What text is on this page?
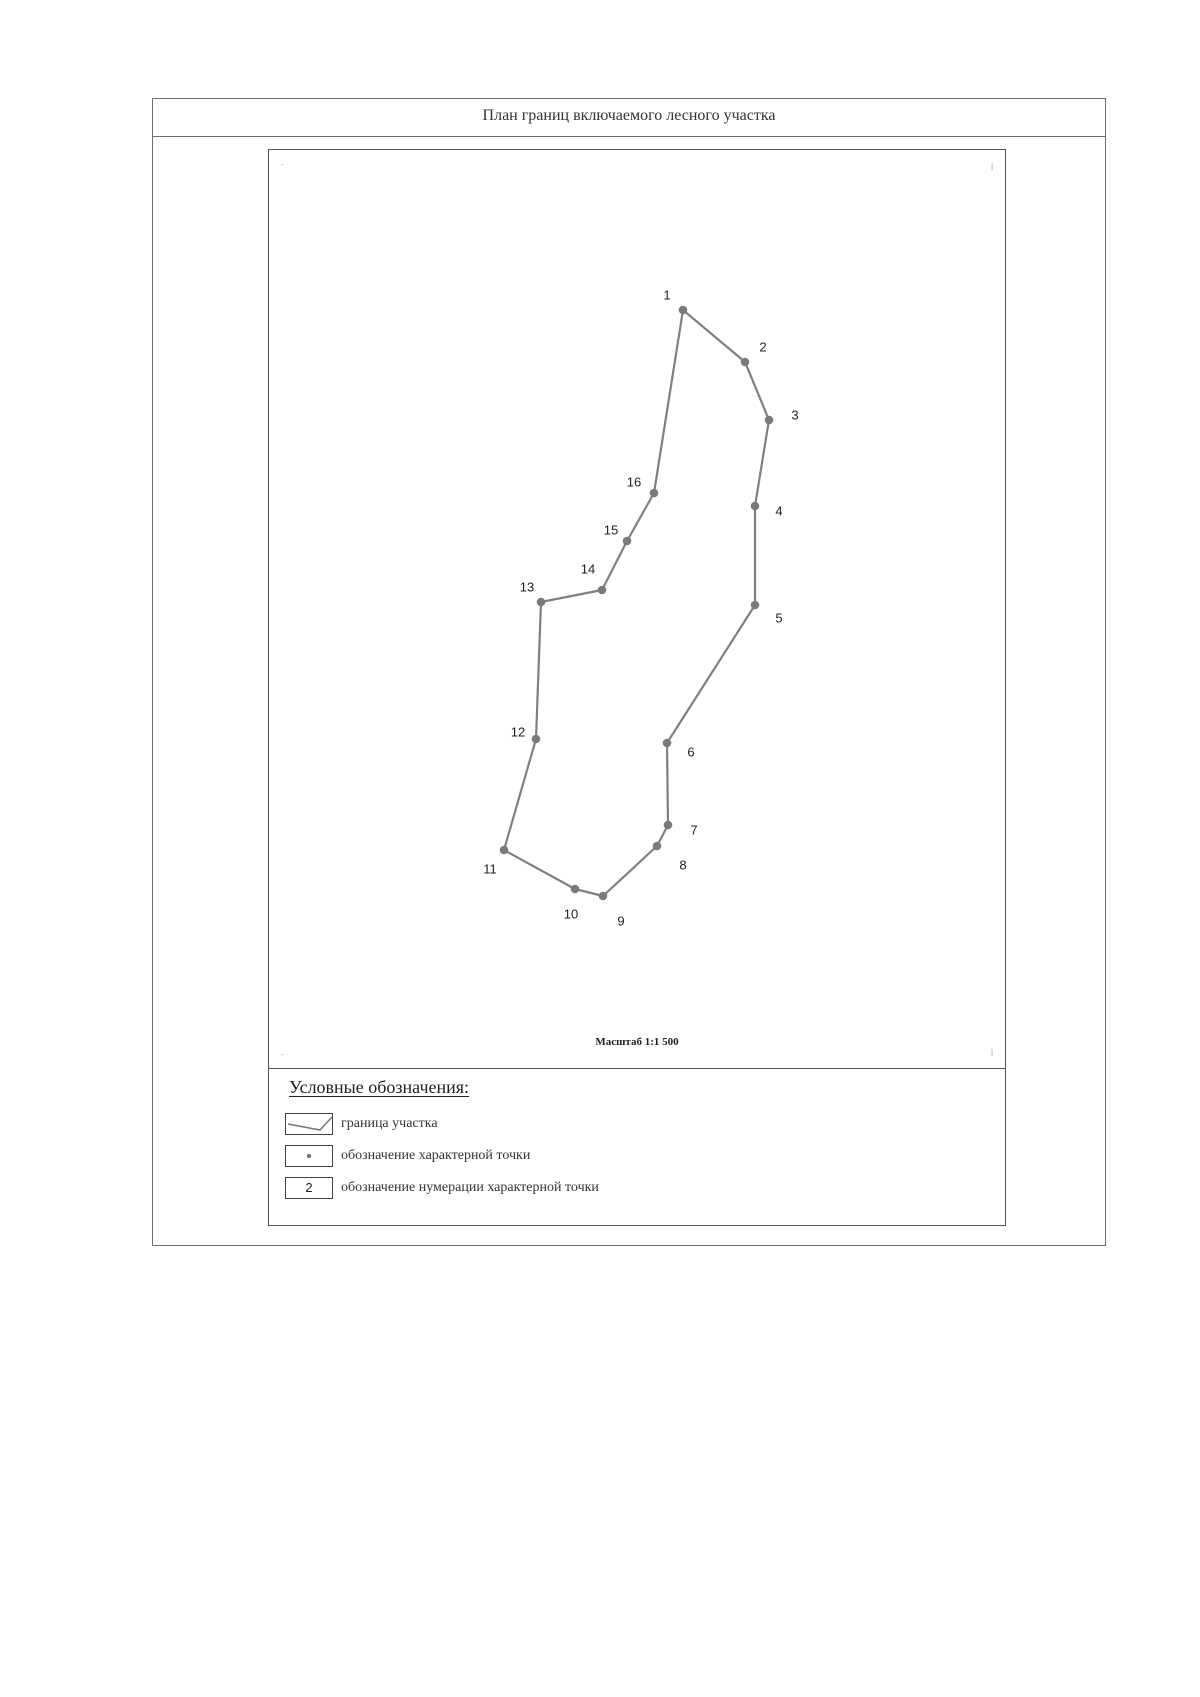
План границ включаемого лесного участка
-	|
-	|
1
2
3
4
5
6
7
8
9
10
11
12
13
14
15
16
Масштаб 1:1 500
Условные обозначения:
граница участка
обозначение характерной точки
2	обозначение нумерации характерной точки
